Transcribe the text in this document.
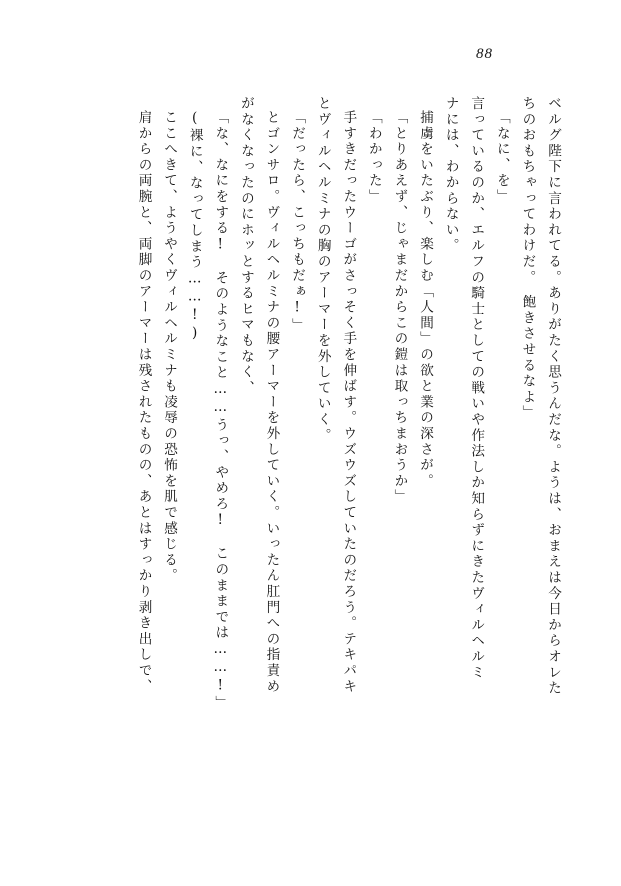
88
ベルグ陛下に言われてる。ありがたく思うんだな。ようは、おまえは今日からオレた
ちのおもちゃってわけだ。　飽きさせるなよ」
「なに、を」
言っているのか、エルフの騎士としての戦いや作法しか知らずにきたヴィルヘルミ
ナには、わからない。
捕虜をいたぶり、楽しむ「人間」の欲と業の深さが。
「とりあえず、じゃまだからこの鎧は取っちまおうか」
「わかった」
手すきだったウーゴがさっそく手を伸ばす。ウズウズしていたのだろう。テキパキ
とヴィルヘルミナの胸のアーマーを外していく。
「だったら、こっちもだぁ!」
とゴンサロ。ヴィルヘルミナの腰アーマーを外していく。いったん肛門への指責め
がなくなったのにホッとするヒマもなく、
「な、なにをする!　そのようなこと……うっ、やめろ!　このままでは……!」
(裸に、なってしまう……!)
ここへきて、ようやくヴィルヘルミナも凌辱の恐怖を肌で感じる。
肩からの両腕と、両脚のアーマーは残されたものの、あとはすっかり剥き出しで、
